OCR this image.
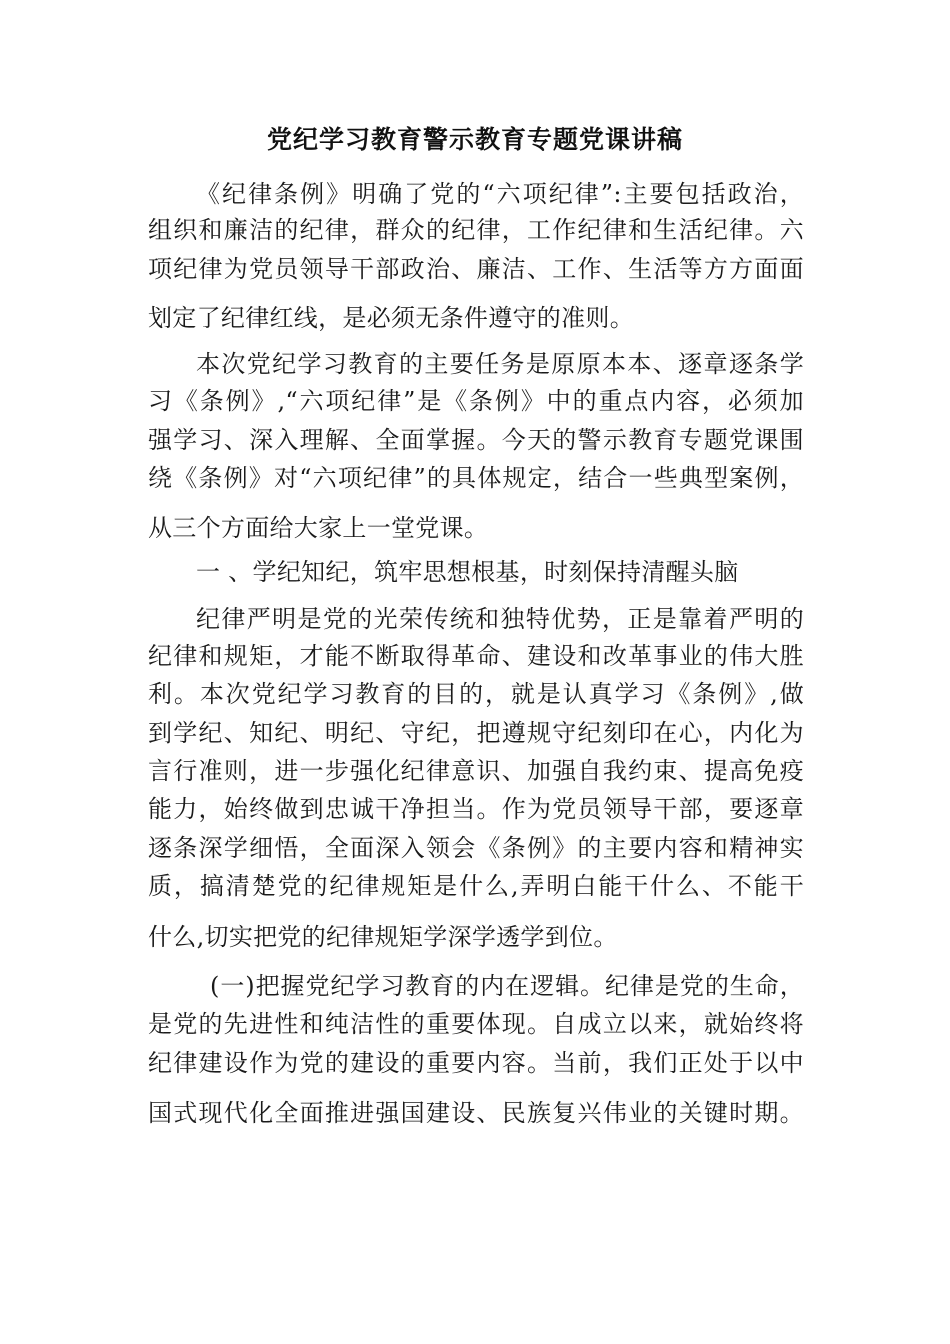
党纪学习教育警示教育专题党课讲稿
《纪律条例》明确了党的“六项纪律”:主要包括政治，
组织和廉洁的纪律，群众的纪律，工作纪律和生活纪律。六
项纪律为党员领导干部政治、廉洁、工作、生活等方方面面
划定了纪律红线，是必须无条件遵守的准则。
本次党纪学习教育的主要任务是原原本本、逐章逐条学
习《条例》,“六项纪律”是《条例》中的重点内容，必须加
强学习、深入理解、全面掌握。今天的警示教育专题党课围
绕《条例》对“六项纪律”的具体规定，结合一些典型案例，
从三个方面给大家上一堂党课。
一 、学纪知纪，筑牢思想根基，时刻保持清醒头脑
纪律严明是党的光荣传统和独特优势，正是靠着严明的
纪律和规矩，才能不断取得革命、建设和改革事业的伟大胜
利。本次党纪学习教育的目的，就是认真学习《条例》,做
到学纪、知纪、明纪、守纪，把遵规守纪刻印在心，内化为
言行准则，进一步强化纪律意识、加强自我约束、提高免疫
能力，始终做到忠诚干净担当。作为党员领导干部，要逐章
逐条深学细悟，全面深入领会《条例》的主要内容和精神实
质，搞清楚党的纪律规矩是什么,弄明白能干什么、不能干
什么,切实把党的纪律规矩学深学透学到位。
(一)把握党纪学习教育的内在逻辑。纪律是党的生命，
是党的先进性和纯洁性的重要体现。自成立以来，就始终将
纪律建设作为党的建设的重要内容。当前，我们正处于以中
国式现代化全面推进强国建设、民族复兴伟业的关键时期。
